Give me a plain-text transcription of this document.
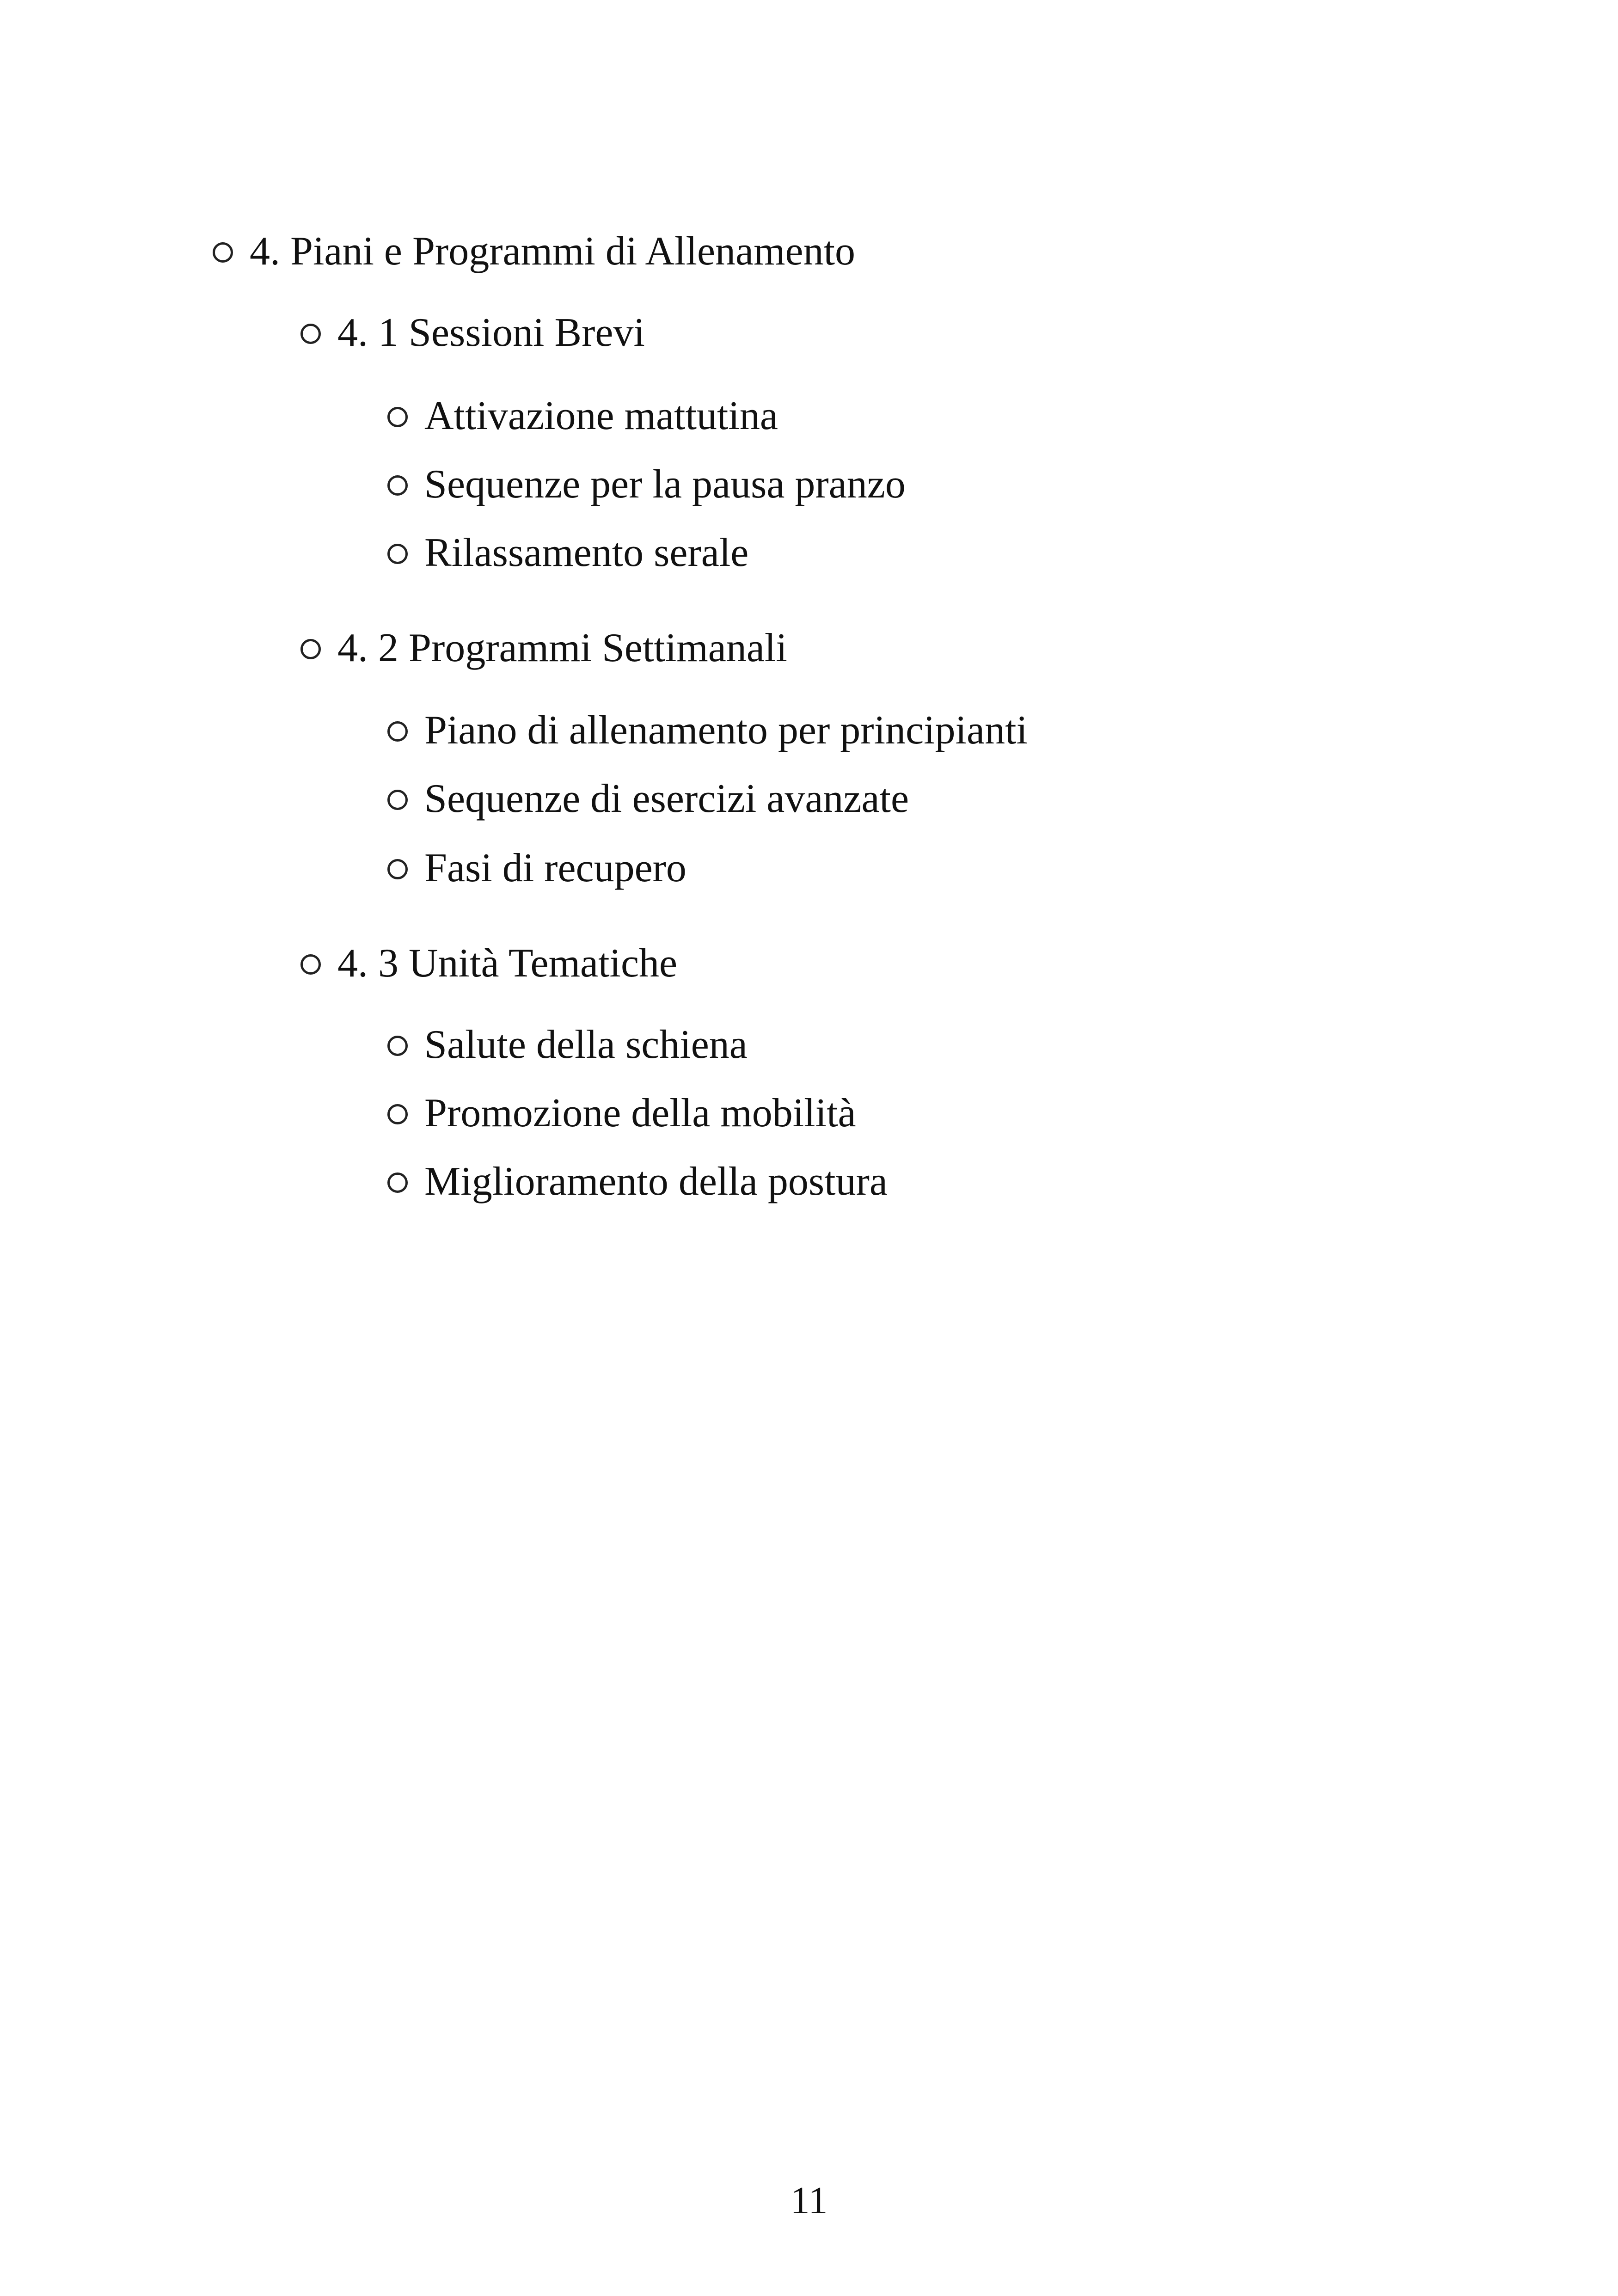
4. Piani e Programmi di Allenamento
4. 1 Sessioni Brevi
Attivazione mattutina
Sequenze per la pausa pranzo
Rilassamento serale
4. 2 Programmi Settimanali
Piano di allenamento per principianti
Sequenze di esercizi avanzate
Fasi di recupero
4. 3 Unità Tematiche
Salute della schiena
Promozione della mobilità
Miglioramento della postura
11
